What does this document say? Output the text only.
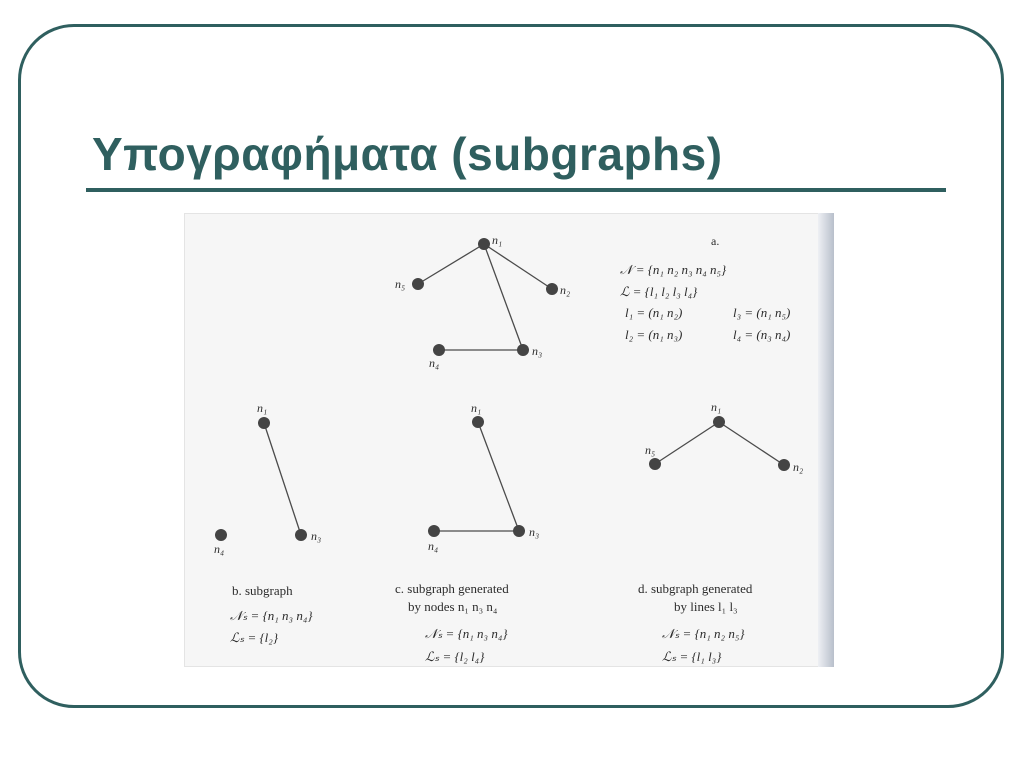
Υπογραφήματα (subgraphs)
a.
n₁
n₂
n₃
n₄
n₅
𝒩 = {n₁ n₂ n₃ n₄ n₅}
ℒ = {l₁ l₂ l₃ l₄}
l₁ = (n₁ n₂)	l₃ = (n₁ n₅)
l₂ = (n₁ n₃)	l₄ = (n₃ n₄)
n₁
n₃
n₄
b. subgraph
𝒩ₛ = {n₁ n₃ n₄}
ℒₛ = {l₂}
n₁
n₃
n₄
c. subgraph generated
by nodes n₁ n₃ n₄
𝒩ₛ = {n₁ n₃ n₄}
ℒₛ = {l₂ l₄}
n₁
n₅
n₂
d. subgraph generated
by lines l₁ l₃
𝒩ₛ = {n₁ n₂ n₅}
ℒₛ = {l₁ l₃}
